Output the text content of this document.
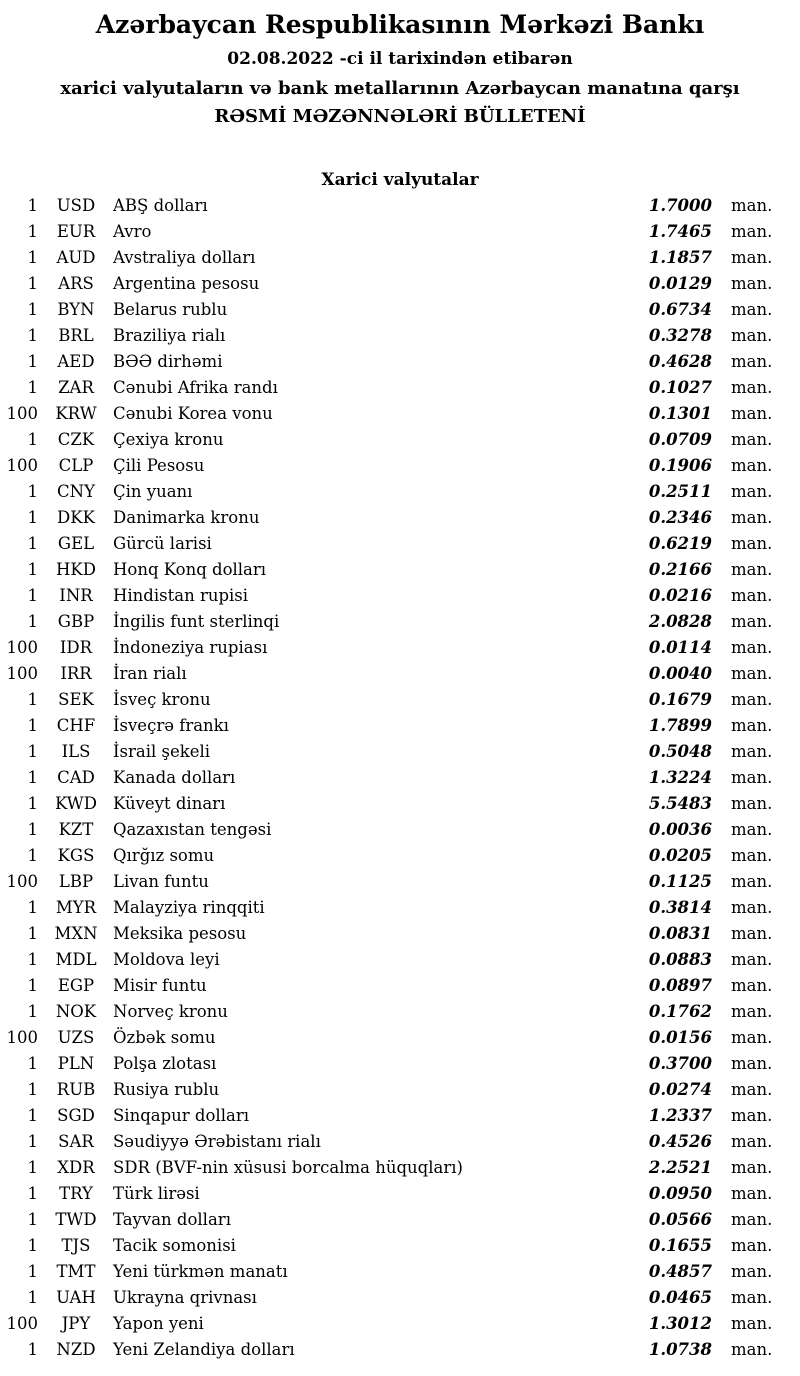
Azərbaycan Respublikasının Mərkəzi Bankı
02.08.2022 -ci il tarixindən etibarən
xarici valyutaların və bank metallarının Azərbaycan manatına qarşı
RƏSMİ MƏZƏNNƏLƏRİ BÜLLETENİ
Xarici valyutalar
1	USD	ABŞ dolları	1.7000 man.
1	EUR	Avro	1.7465 man.
1	AUD	Avstraliya dolları	1.1857 man.
1	ARS	Argentina pesosu	0.0129 man.
1	BYN	Belarus rublu	0.6734 man.
1	BRL	Braziliya rialı	0.3278 man.
1	AED	BƏƏ dirhəmi	0.4628 man.
1	ZAR	Cənubi Afrika randı	0.1027 man.
100	KRW Cənubi Korea vonu	0.1301 man.
1	CZK	Çexiya kronu	0.0709 man.
100	CLP	Çili Pesosu	0.1906 man.
1	CNY	Çin yuanı	0.2511 man.
1	DKK	Danimarka kronu	0.2346 man.
1	GEL	Gürcü larisi	0.6219 man.
1	HKD	Honq Konq dolları	0.2166 man.
1	INR	Hindistan rupisi	0.0216 man.
1	GBP	İngilis funt sterlinqi	2.0828 man.
100	IDR	İndoneziya rupiası	0.0114 man.
100	IRR	İran rialı	0.0040 man.
1	SEK	İsveç kronu	0.1679 man.
1	CHF	İsveçrə frankı	1.7899 man.
1	ILS	İsrail şekeli	0.5048 man.
1	CAD	Kanada dolları	1.3224 man.
1	KWD Küveyt dinarı	5.5483 man.
1	KZT	Qazaxıstan tengəsi	0.0036 man.
1	KGS	Qırğız somu	0.0205 man.
100	LBP	Livan funtu	0.1125 man.
1	MYR	Malayziya rinqqiti	0.3814 man.
1 MXN Meksika pesosu	0.0831 man.
1	MDL Moldova leyi	0.0883 man.
1	EGP	Misir funtu	0.0897 man.
1	NOK	Norveç kronu	0.1762 man.
100	UZS	Özbək somu	0.0156 man.
1	PLN	Polşa zlotası	0.3700 man.
1	RUB	Rusiya rublu	0.0274 man.
1	SGD	Sinqapur dolları	1.2337 man.
1	SAR	Səudiyyə Ərəbistanı rialı	0.4526 man.
1	XDR	SDR (BVF-nin xüsusi borcalma hüquqları)	2.2521 man.
1	TRY	Türk lirəsi	0.0950 man.
1	TWD Tayvan dolları	0.0566 man.
1	TJS	Tacik somonisi	0.1655 man.
1	TMT	Yeni türkmən manatı	0.4857 man.
1	UAH	Ukrayna qrivnası	0.0465 man.
100	JPY	Yapon yeni	1.3012 man.
1	NZD	Yeni Zelandiya dolları	1.0738 man.
